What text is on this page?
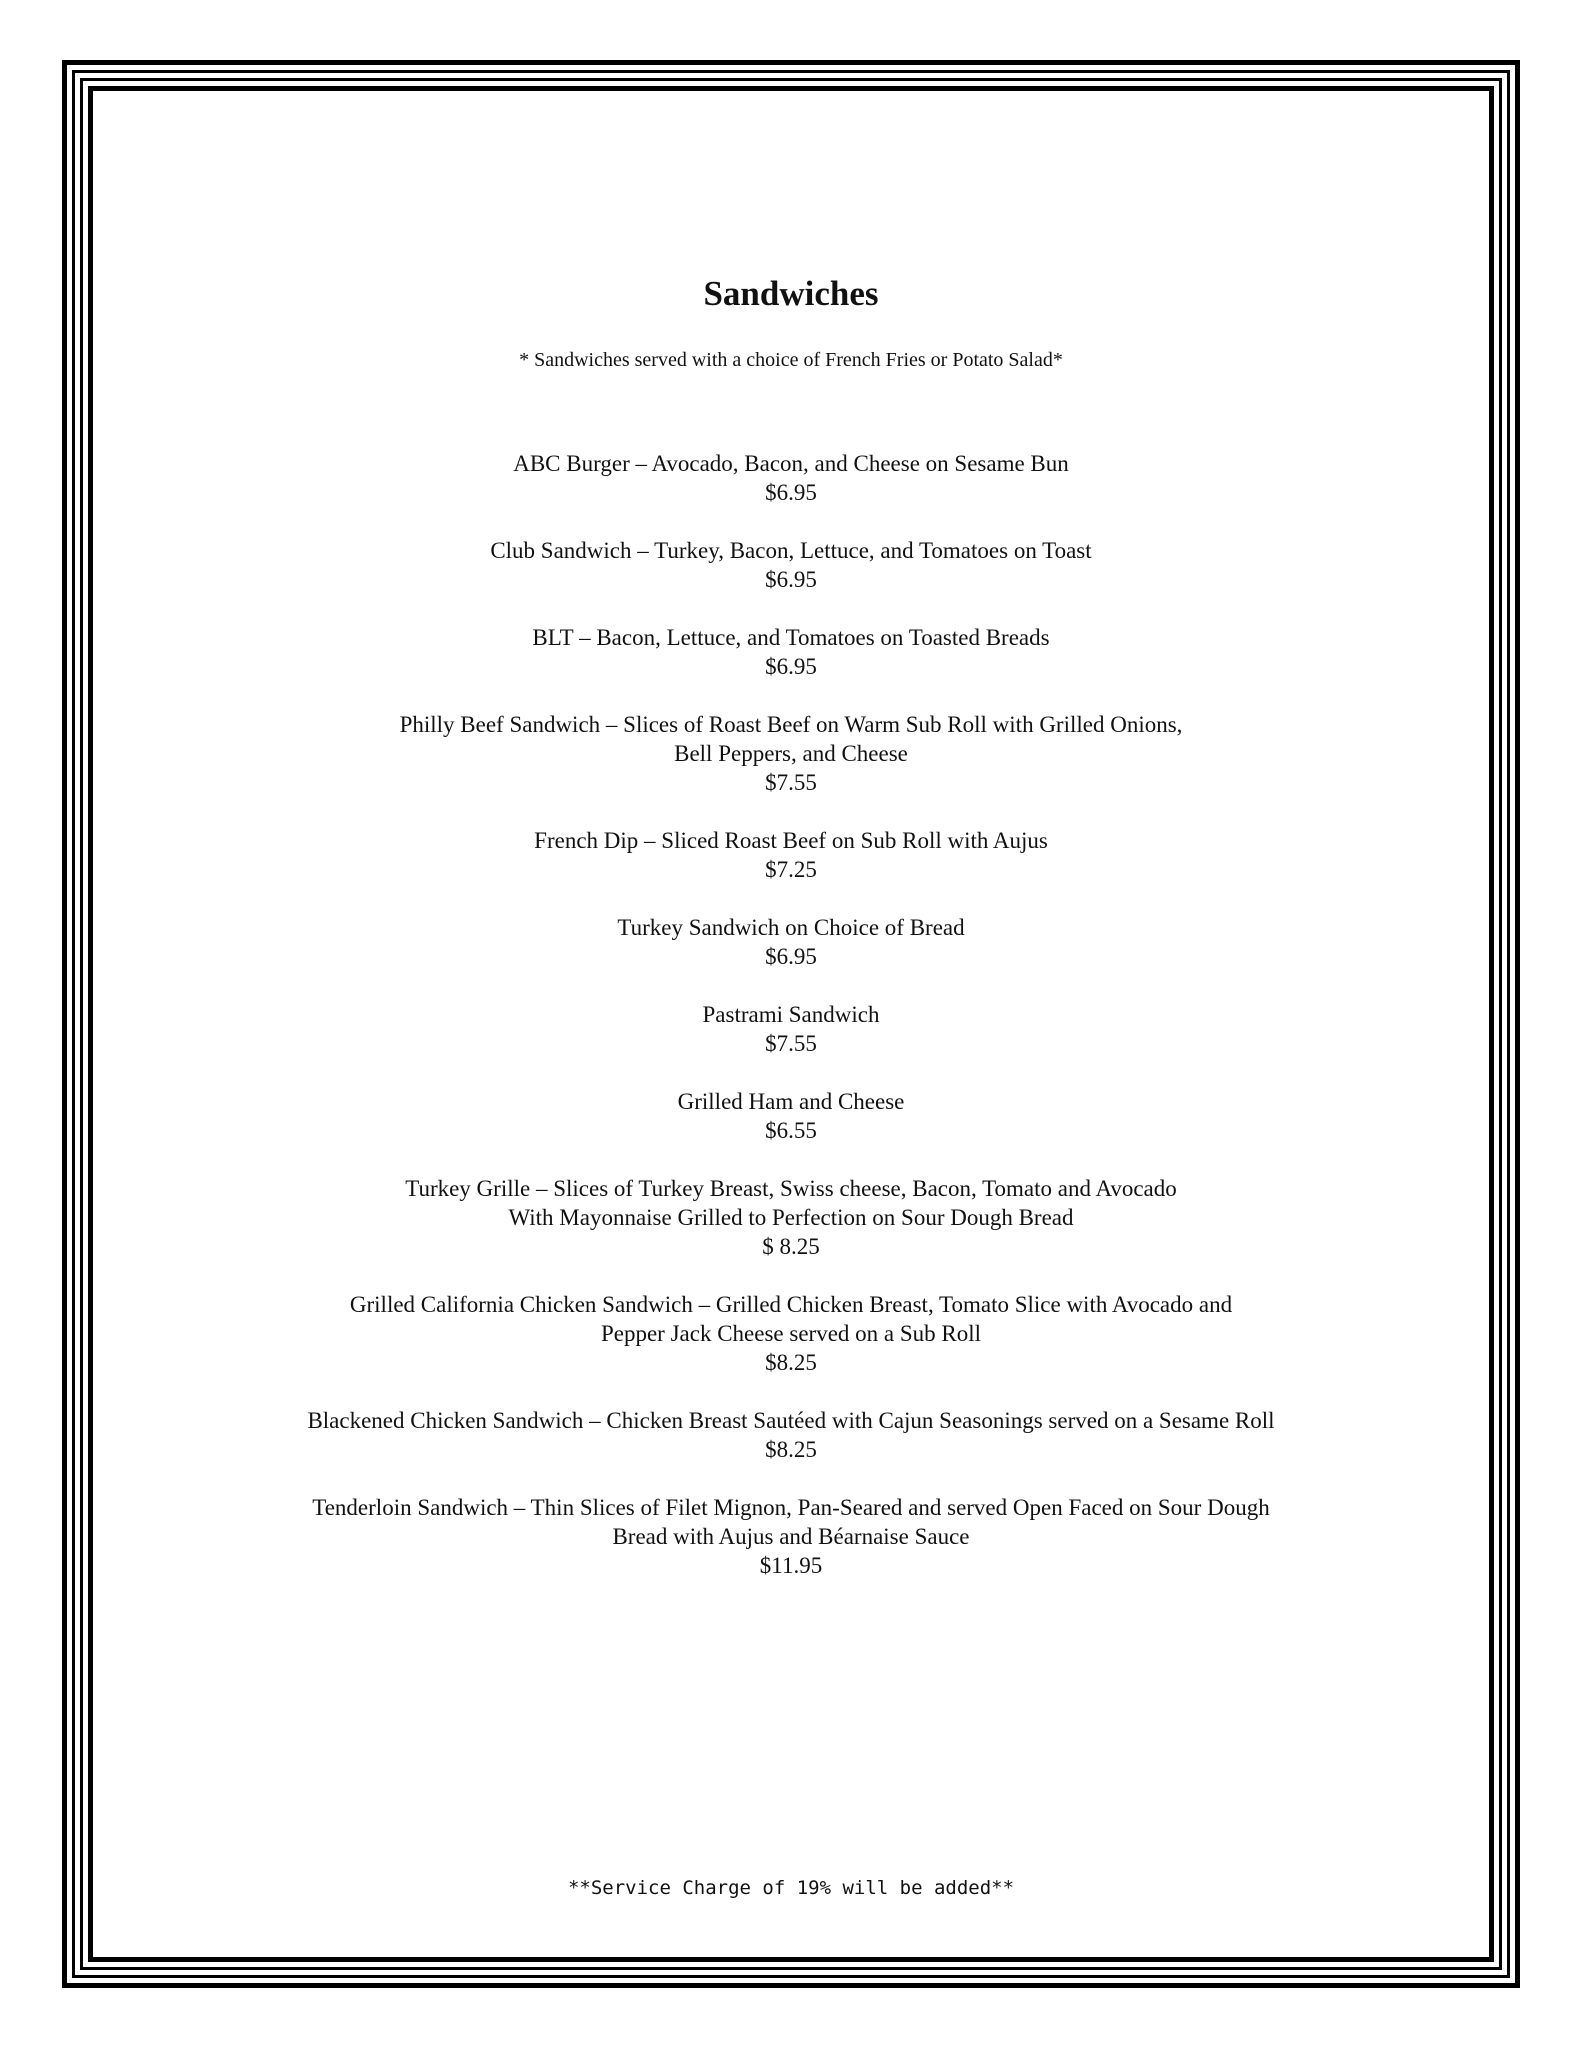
Sandwiches
* Sandwiches served with a choice of French Fries or Potato Salad*
ABC Burger – Avocado, Bacon, and Cheese on Sesame Bun
$6.95
Club Sandwich – Turkey, Bacon, Lettuce, and Tomatoes on Toast
$6.95
BLT – Bacon, Lettuce, and Tomatoes on Toasted Breads
$6.95
Philly Beef Sandwich – Slices of Roast Beef on Warm Sub Roll with Grilled Onions,
Bell Peppers, and Cheese
$7.55
French Dip – Sliced Roast Beef on Sub Roll with Aujus
$7.25
Turkey Sandwich on Choice of Bread
$6.95
Pastrami Sandwich
$7.55
Grilled Ham and Cheese
$6.55
Turkey Grille – Slices of Turkey Breast, Swiss cheese, Bacon, Tomato and Avocado
With Mayonnaise Grilled to Perfection on Sour Dough Bread
$ 8.25
Grilled California Chicken Sandwich – Grilled Chicken Breast, Tomato Slice with Avocado and
Pepper Jack Cheese served on a Sub Roll
$8.25
Blackened Chicken Sandwich – Chicken Breast Sautéed with Cajun Seasonings served on a Sesame Roll
$8.25
Tenderloin Sandwich – Thin Slices of Filet Mignon, Pan-Seared and served Open Faced on Sour Dough
Bread with Aujus and Béarnaise Sauce
$11.95
**Service Charge of 19% will be added**
